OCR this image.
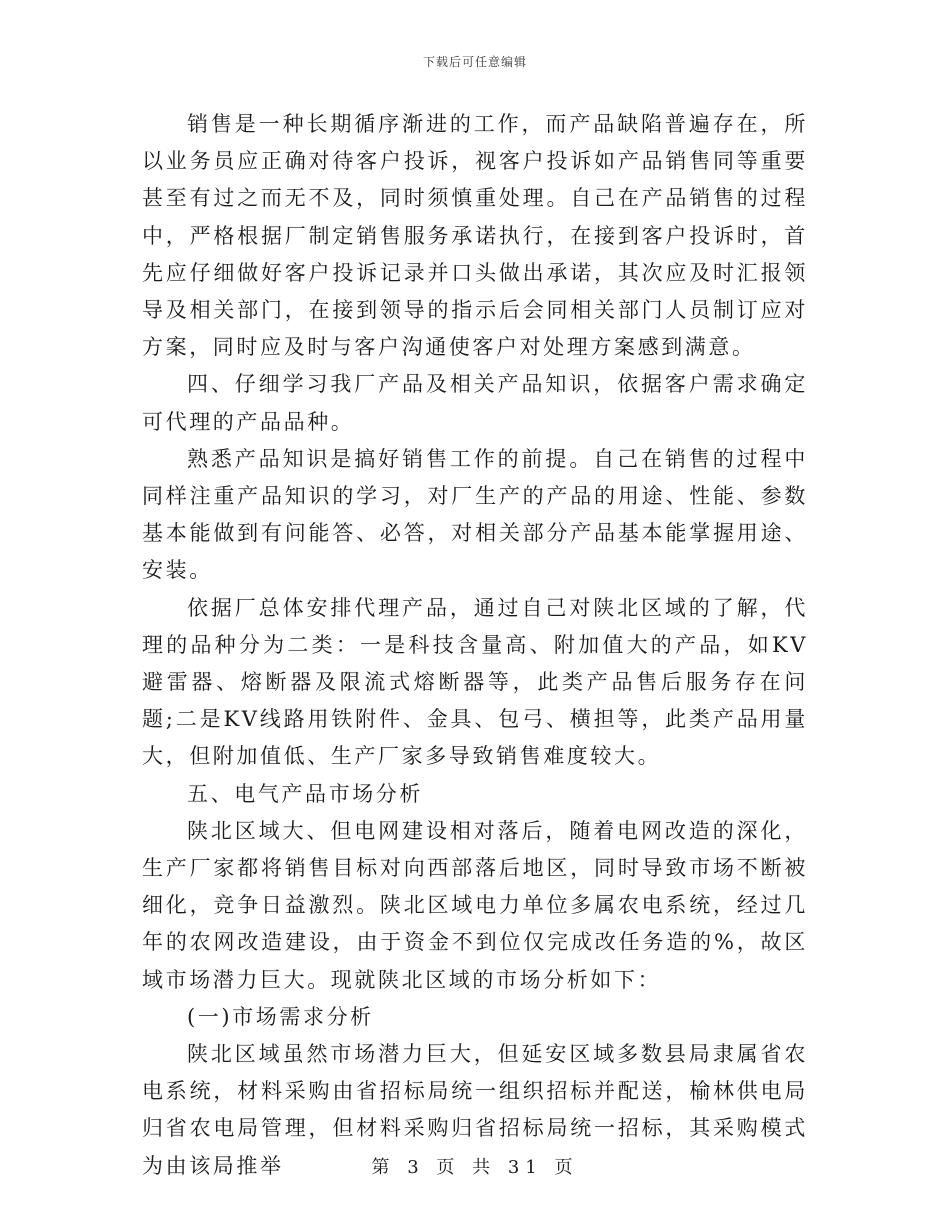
下载后可任意编辑

销售是一种长期循序渐进的工作，而产品缺陷普遍存在，所以业务员应正确对待客户投诉，视客户投诉如产品销售同等重要甚至有过之而无不及，同时须慎重处理。自己在产品销售的过程中，严格根据厂制定销售服务承诺执行，在接到客户投诉时，首先应仔细做好客户投诉记录并口头做出承诺，其次应及时汇报领导及相关部门，在接到领导的指示后会同相关部门人员制订应对方案，同时应及时与客户沟通使客户对处理方案感到满意。

四、仔细学习我厂产品及相关产品知识，依据客户需求确定可代理的产品品种。

熟悉产品知识是搞好销售工作的前提。自己在销售的过程中同样注重产品知识的学习，对厂生产的产品的用途、性能、参数基本能做到有问能答、必答，对相关部分产品基本能掌握用途、安装。

依据厂总体安排代理产品，通过自己对陕北区域的了解，代理的品种分为二类：一是科技含量高、附加值大的产品，如KV避雷器、熔断器及限流式熔断器等，此类产品售后服务存在问题;二是KV线路用铁附件、金具、包弓、横担等，此类产品用量大，但附加值低、生产厂家多导致销售难度较大。

五、电气产品市场分析

陕北区域大、但电网建设相对落后，随着电网改造的深化，生产厂家都将销售目标对向西部落后地区，同时导致市场不断被细化，竞争日益激烈。陕北区域电力单位多属农电系统，经过几年的农网改造建设，由于资金不到位仅完成改任务造的%，故区域市场潜力巨大。现就陕北区域的市场分析如下：

(一)市场需求分析

陕北区域虽然市场潜力巨大，但延安区域多数县局隶属省农电系统，材料采购由省招标局统一组织招标并配送，榆林供电局归省农电局管理，但材料采购归省招标局统一招标，其采购模式为由该局推举	第 3 页 共 31 页
